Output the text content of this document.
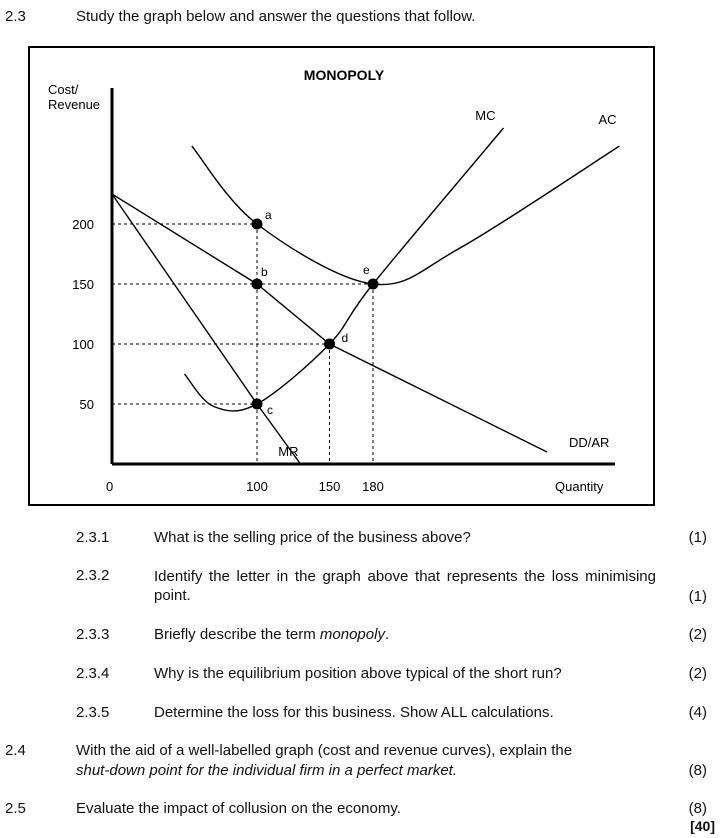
2.3	Study the graph below and answer the questions that follow.
MONOPOLY
Cost/
Revenue
Quantity
0	100	150 180
200
150
100
50
MC	AC
DD/AR
MR
a
b
c
d
e
2.3.1	What is the selling price of the business above?	(1)
2.3.2	Identify the letter in the graph above that represents the loss minimising point.	(1)
2.3.3	Briefly describe the term monopoly.	(2)
2.3.4	Why is the equilibrium position above typical of the short run?	(2)
2.3.5	Determine the loss for this business. Show ALL calculations.	(4)
2.4	With the aid of a well-labelled graph (cost and revenue curves), explain the
shut-down point for the individual firm in a perfect market.	(8)
2.5	Evaluate the impact of collusion on the economy.	(8)
[40]
